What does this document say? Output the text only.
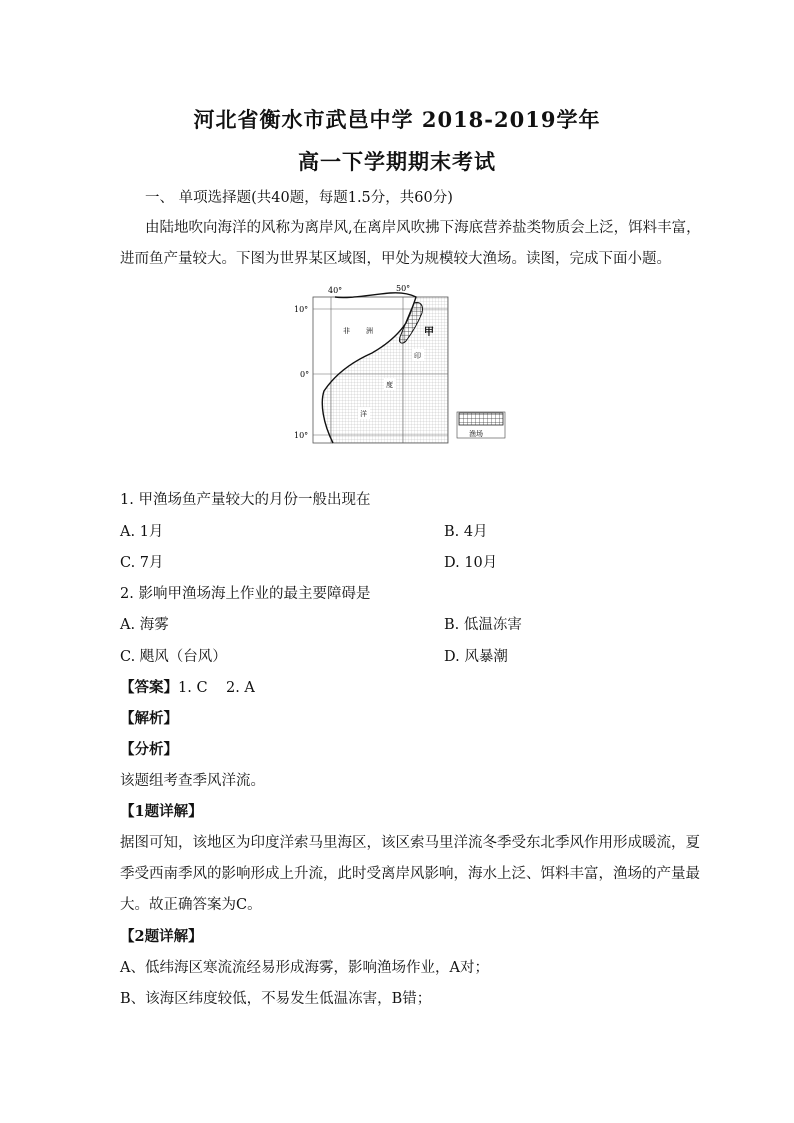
河北省衡水市武邑中学 2018-2019学年
高一下学期期末考试
一、 单项选择题(共40题，每题1.5分，共60分)
由陆地吹向海洋的风称为离岸风,在离岸风吹拂下海底营养盐类物质会上泛，饵料丰富，
进而鱼产量较大。下图为世界某区域图，甲处为规模较大渔场。读图，完成下面小题。
40°	50°
10°
0°
10°
非 洲
印
度
洋
甲
渔场
1. 甲渔场鱼产量较大的月份一般出现在
A. 1月	B. 4月
C. 7月	D. 10月
2. 影响甲渔场海上作业的最主要障碍是
A. 海雾	B. 低温冻害
C. 飓风（台风）	D. 风暴潮
【答案】1. C    2. A
【解析】
【分析】
该题组考查季风洋流。
【1题详解】
据图可知，该地区为印度洋索马里海区，该区索马里洋流冬季受东北季风作用形成暖流，夏
季受西南季风的影响形成上升流，此时受离岸风影响，海水上泛、饵料丰富，渔场的产量最
大。故正确答案为C。
【2题详解】
A、低纬海区寒流流经易形成海雾，影响渔场作业，A对；
B、该海区纬度较低，不易发生低温冻害，B错；
